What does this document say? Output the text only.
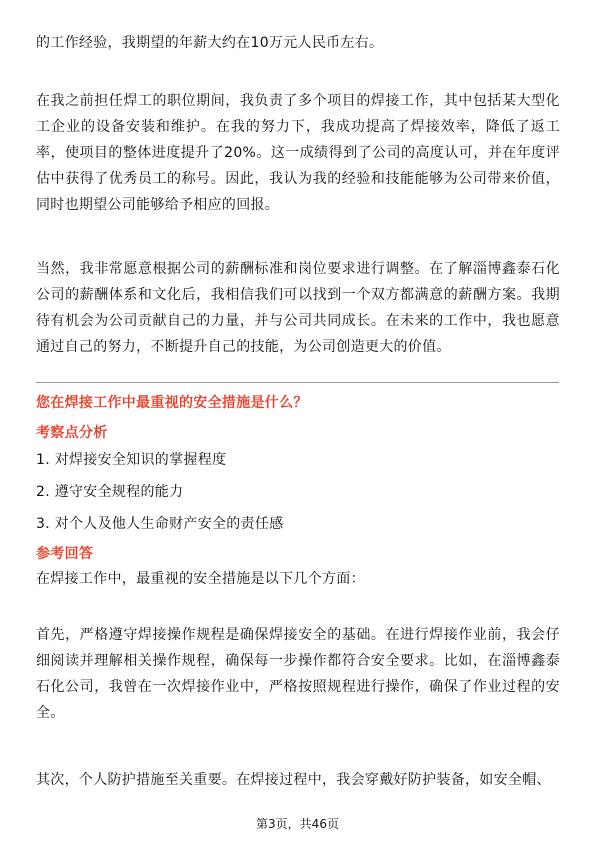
的工作经验，我期望的年薪大约在10万元人民币左右。

在我之前担任焊工的职位期间，我负责了多个项目的焊接工作，其中包括某大型化工企业的设备安装和维护。在我的努力下，我成功提高了焊接效率，降低了返工率，使项目的整体进度提升了20%。这一成绩得到了公司的高度认可，并在年度评估中获得了优秀员工的称号。因此，我认为我的经验和技能能够为公司带来价值，同时也期望公司能够给予相应的回报。

当然，我非常愿意根据公司的薪酬标准和岗位要求进行调整。在了解淄博鑫泰石化公司的薪酬体系和文化后，我相信我们可以找到一个双方都满意的薪酬方案。我期待有机会为公司贡献自己的力量，并与公司共同成长。在未来的工作中，我也愿意通过自己的努力，不断提升自己的技能，为公司创造更大的价值。

您在焊接工作中最重视的安全措施是什么？

考察点分析

1. 对焊接安全知识的掌握程度
2. 遵守安全规程的能力
3. 对个人及他人生命财产安全的责任感

参考回答

在焊接工作中，最重视的安全措施是以下几个方面：

首先，严格遵守焊接操作规程是确保焊接安全的基础。在进行焊接作业前，我会仔细阅读并理解相关操作规程，确保每一步操作都符合安全要求。比如，在淄博鑫泰石化公司，我曾在一次焊接作业中，严格按照规程进行操作，确保了作业过程的安全。

其次，个人防护措施至关重要。在焊接过程中，我会穿戴好防护装备，如安全帽、

第3页，共46页
